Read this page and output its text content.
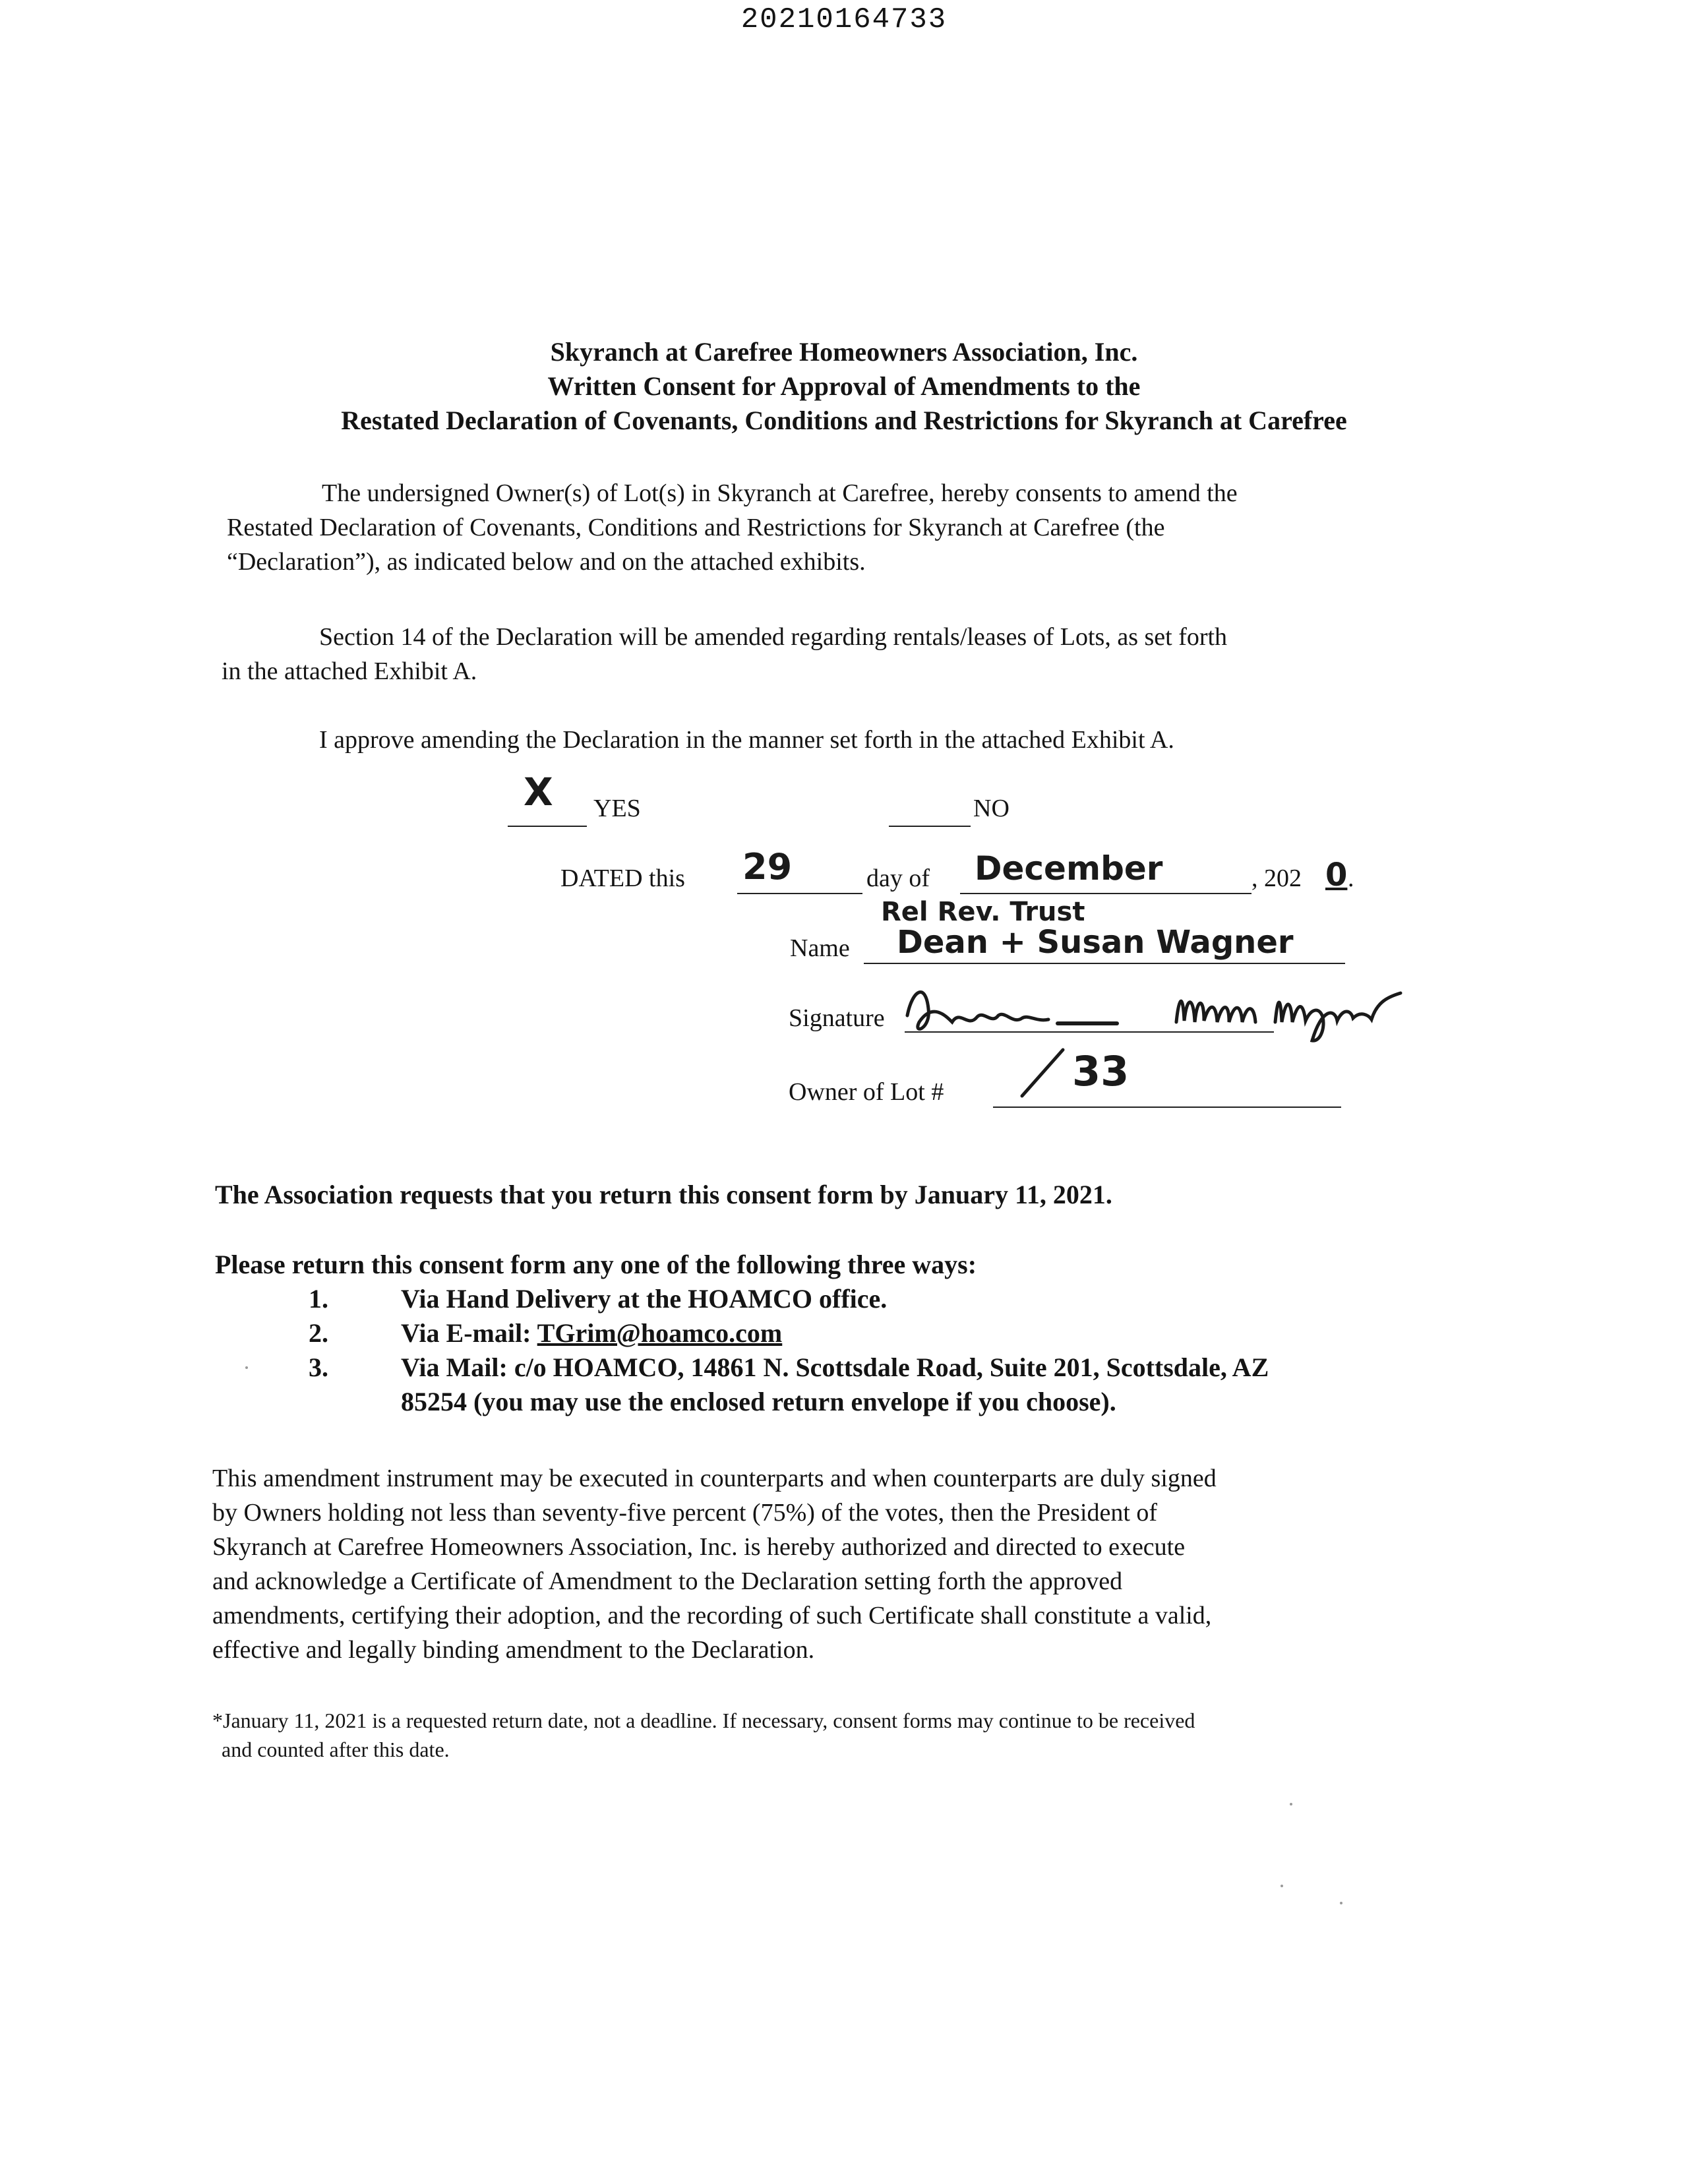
20210164733
Skyranch at Carefree Homeowners Association, Inc.
Written Consent for Approval of Amendments to the
Restated Declaration of Covenants, Conditions and Restrictions for Skyranch at Carefree

The undersigned Owner(s) of Lot(s) in Skyranch at Carefree, hereby consents to amend the

Restated Declaration of Covenants, Conditions and Restrictions for Skyranch at Carefree (the

“Declaration”), as indicated below and on the attached exhibits.

Section 14 of the Declaration will be amended regarding rentals/leases of Lots, as set forth

in the attached Exhibit A.

I approve amending the Declaration in the manner set forth in the attached Exhibit A.

X YES	NO
DATED this 29	day of December	, 202 0 .
Rel Rev. Trust
Name Dean + Susan Wagner
Signature
Owner of Lot #	33
The Association requests that you return this consent form by January 11, 2021.
Please return this consent form any one of the following three ways:
1.	Via Hand Delivery at the HOAMCO office.
2.	Via E-mail: TGrim@hoamco.com
3.	Via Mail: c/o HOAMCO, 14861 N. Scottsdale Road, Suite 201, Scottsdale, AZ
85254 (you may use the enclosed return envelope if you choose).

This amendment instrument may be executed in counterparts and when counterparts are duly signed

by Owners holding not less than seventy-five percent (75%) of the votes, then the President of

Skyranch at Carefree Homeowners Association, Inc. is hereby authorized and directed to execute

and acknowledge a Certificate of Amendment to the Declaration setting forth the approved

amendments, certifying their adoption, and the recording of such Certificate shall constitute a valid,

effective and legally binding amendment to the Declaration.

*January 11, 2021 is a requested return date, not a deadline. If necessary, consent forms may continue to be received
and counted after this date.
